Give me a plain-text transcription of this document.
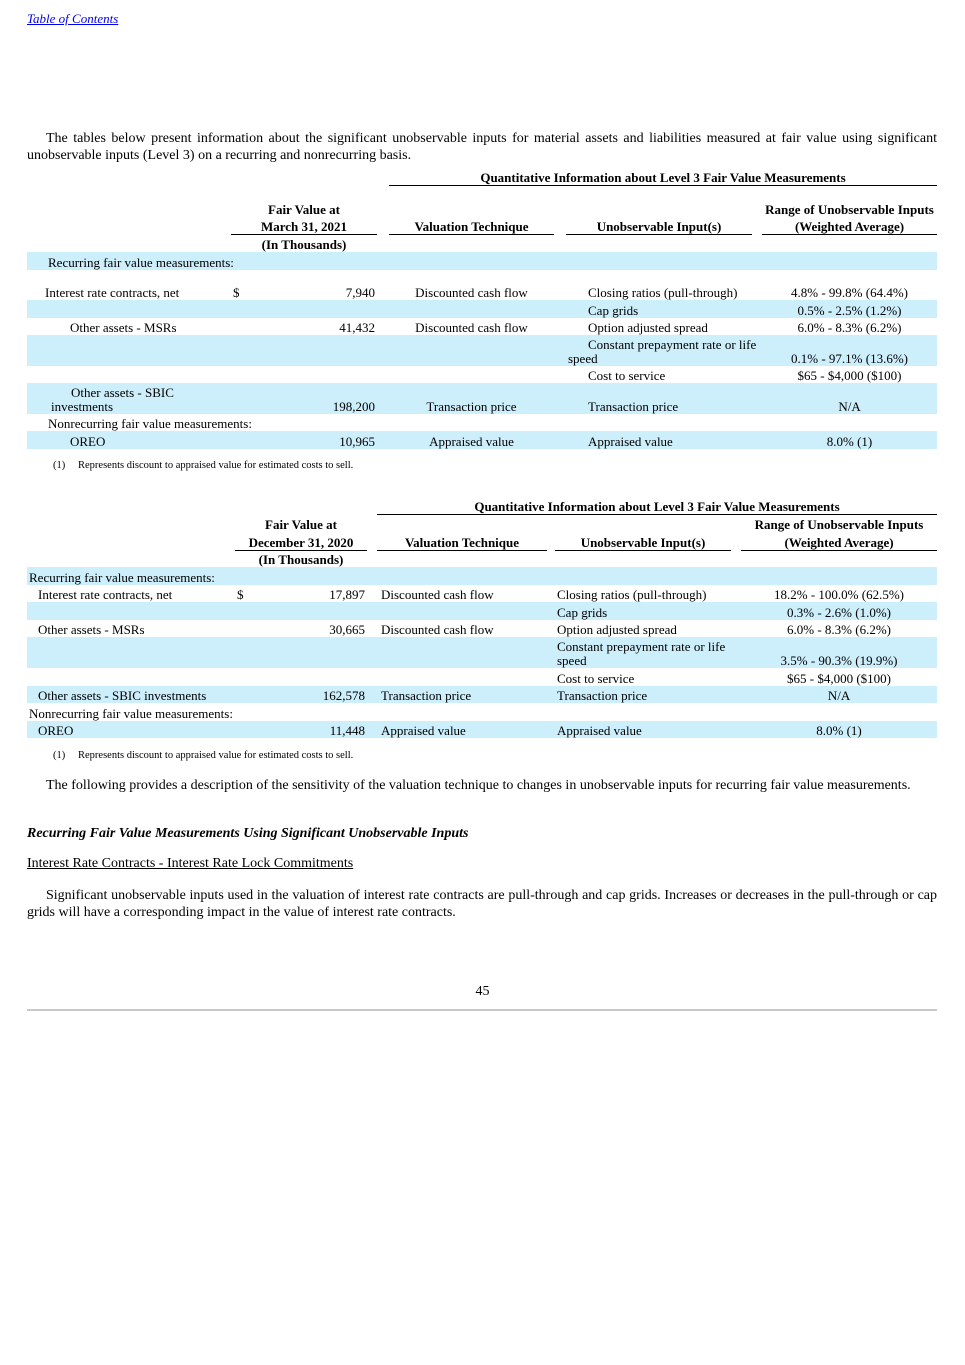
Table of Contents
The tables below present information about the significant unobservable inputs for material assets and liabilities measured at fair value using significant unobservable inputs (Level 3) on a recurring and nonrecurring basis.
				Quantitative Information about Level 3 Fair Value Measurements				
	Fair Value at							Range of Unobservable Inputs
	March 31, 2021			Valuation Technique		Unobservable Input(s)		(Weighted Average)
	(In Thousands)							
Recurring fair value measurements:								
Interest rate contracts, net	$	7,940		Discounted cash flow		Closing ratios (pull-through)		4.8% - 99.8% (64.4%)
						Cap grids		0.5% - 2.5% (1.2%)
Other assets - MSRs		41,432		Discounted cash flow		Option adjusted spread		6.0% - 8.3% (6.2%)
						Constant prepayment rate or life speed		0.1% - 97.1% (13.6%)
						Cost to service		$65 - $4,000 ($100)
Other assets - SBIC investments		198,200		Transaction price		Transaction price		N/A
Nonrecurring fair value measurements:								
OREO		10,965		Appraised value		Appraised value		8.0% (1)
(1) Represents discount to appraised value for estimated costs to sell.
				Quantitative Information about Level 3 Fair Value Measurements				
	Fair Value at							Range of Unobservable Inputs
	December 31, 2020			Valuation Technique		Unobservable Input(s)		(Weighted Average)
	(In Thousands)							
Recurring fair value measurements:								
Interest rate contracts, net	$	17,897		Discounted cash flow		Closing ratios (pull-through)		18.2% - 100.0% (62.5%)
						Cap grids		0.3% - 2.6% (1.0%)
Other assets - MSRs		30,665		Discounted cash flow		Option adjusted spread		6.0% - 8.3% (6.2%)
						Constant prepayment rate or life speed		3.5% - 90.3% (19.9%)
						Cost to service		$65 - $4,000 ($100)
Other assets - SBIC investments		162,578		Transaction price		Transaction price		N/A
Nonrecurring fair value measurements:								
OREO		11,448		Appraised value		Appraised value		8.0% (1)
(1) Represents discount to appraised value for estimated costs to sell.
The following provides a description of the sensitivity of the valuation technique to changes in unobservable inputs for recurring fair value measurements.
Recurring Fair Value Measurements Using Significant Unobservable Inputs
Interest Rate Contracts - Interest Rate Lock Commitments
Significant unobservable inputs used in the valuation of interest rate contracts are pull-through and cap grids. Increases or decreases in the pull-through or cap grids will have a corresponding impact in the value of interest rate contracts.
45
